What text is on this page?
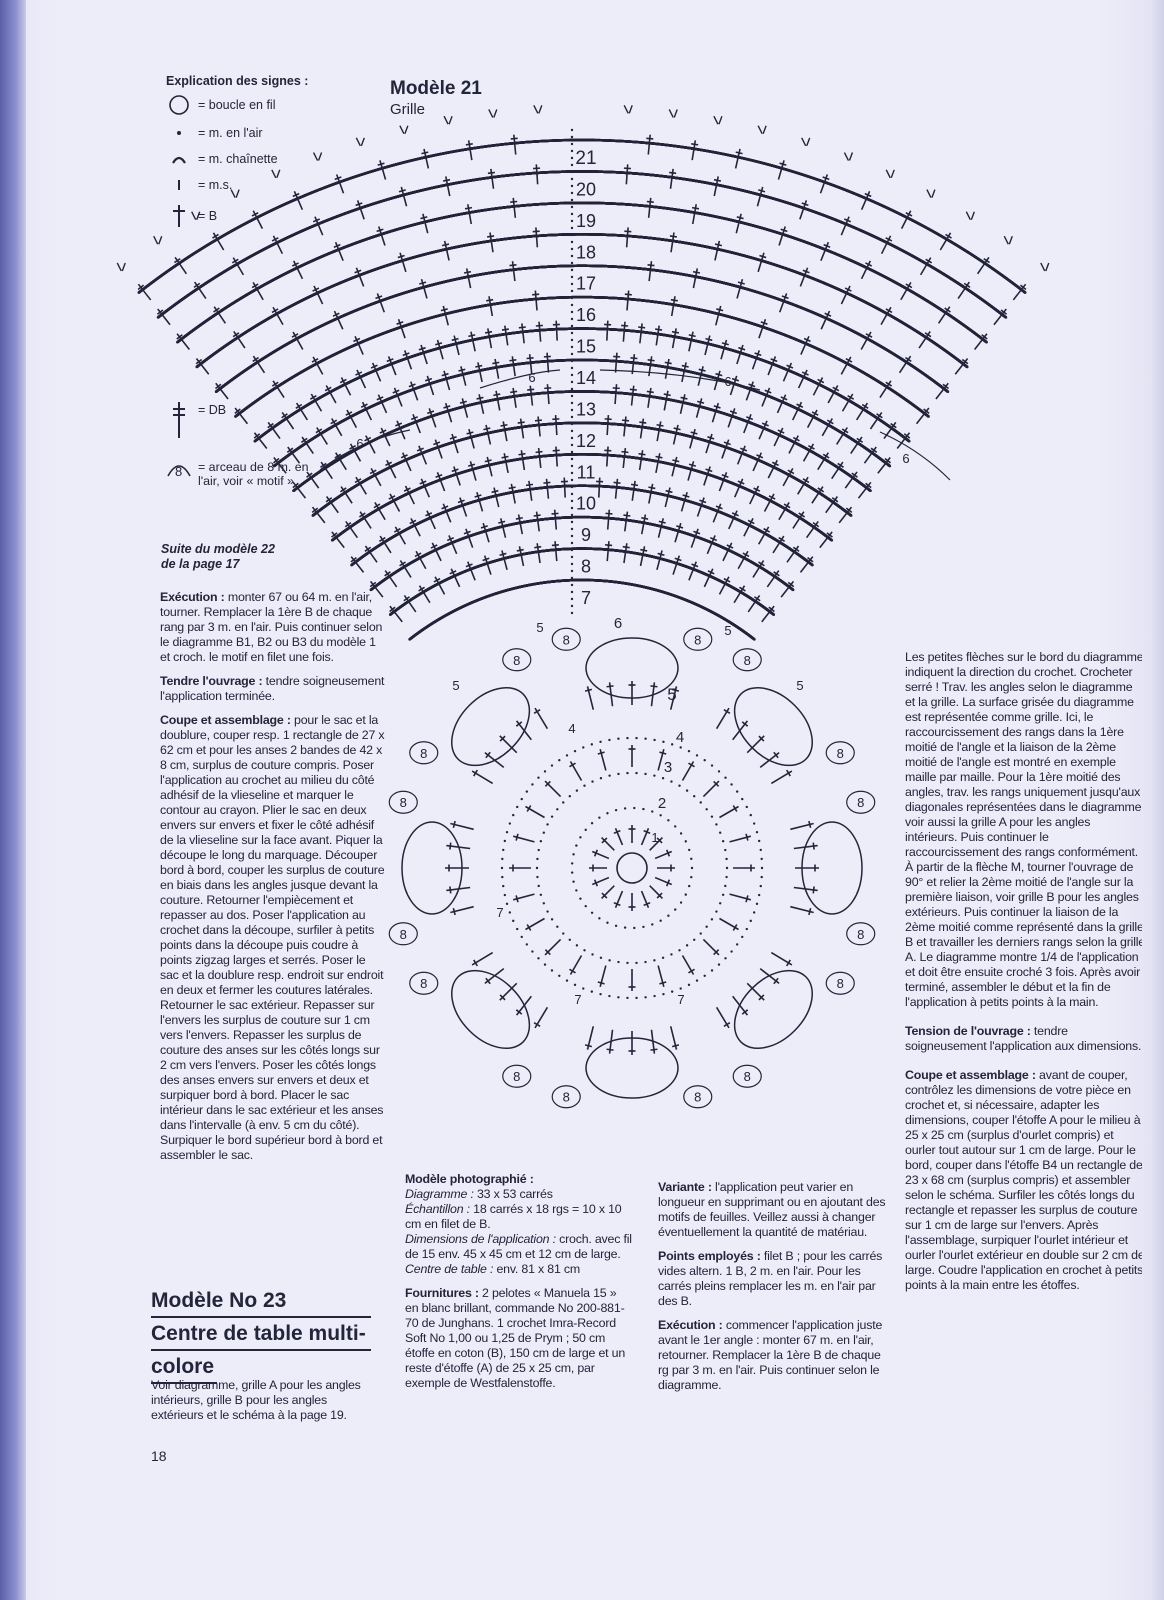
Explication des signes :
= boucle en fil
= m. en l'air
= m. chaînette
= m.s.
= B
= DB
8 = arceau de 8 m. en l'air, voir « motif »
Modèle 21
Grille
21
20
19
18
17
16
15
14
13
12
11
10
9
8
7
6	6
6
6
8	8
8
8
8
8
8
8
8
8
8
8
8
8
8
8
1
2
3
4
5
6
5	5
5	5
4
7
7	7
Suite du modèle 22
de la page 17

Exécution : monter 67 ou 64 m. en l'air, tourner. Remplacer la 1ère B de chaque rang par 3 m. en l'air. Puis continuer selon le diagramme B1, B2 ou B3 du modèle 1 et croch. le motif en filet une fois.

Tendre l'ouvrage : tendre soigneusement l'application terminée.

Coupe et assemblage : pour le sac et la doublure, couper resp. 1 rectangle de 27 x 62 cm et pour les anses 2 bandes de 42 x 8 cm, surplus de couture compris. Poser l'application au crochet au milieu du côté adhésif de la vlieseline et marquer le contour au crayon. Plier le sac en deux envers sur envers et fixer le côté adhésif de la vlieseline sur la face avant. Piquer la découpe le long du marquage. Découper bord à bord, couper les surplus de couture en biais dans les angles jusque devant la couture. Retourner l'empiècement et repasser au dos. Poser l'application au crochet dans la découpe, surfiler à petits points dans la découpe puis coudre à points zigzag larges et serrés. Poser le sac et la doublure resp. endroit sur endroit en deux et fermer les coutures latérales. Retourner le sac extérieur. Repasser sur l'envers les surplus de couture sur 1 cm vers l'envers. Repasser les surplus de couture des anses sur les côtés longs sur 2 cm vers l'envers. Poser les côtés longs des anses envers sur envers et deux et surpiquer bord à bord. Placer le sac intérieur dans le sac extérieur et les anses dans l'intervalle (à env. 5 cm du côté). Surpiquer le bord supérieur bord à bord et assembler le sac.

Modèle No 23
Centre de table multi-
colore

Voir diagramme, grille A pour les angles intérieurs, grille B pour les angles extérieurs et le schéma à la page 19.

18
Modèle photographié :
Diagramme : 33 x 53 carrés
Échantillon : 18 carrés x 18 rgs = 10 x 10 cm en filet de B.
Dimensions de l'application : croch. avec fil de 15 env. 45 x 45 cm et 12 cm de large.

Centre de table : env. 81 x 81 cm

Fournitures : 2 pelotes « Manuela 15 » en blanc brillant, commande No 200-881-70 de Junghans. 1 crochet Imra-Record Soft No 1,00 ou 1,25 de Prym ; 50 cm étoffe en coton (B), 150 cm de large et un reste d'étoffe (A) de 25 x 25 cm, par exemple de Westfalenstoffe.

Variante : l'application peut varier en longueur en supprimant ou en ajoutant des motifs de feuilles. Veillez aussi à changer éventuellement la quantité de matériau.

Points employés : filet B ; pour les carrés vides altern. 1 B, 2 m. en l'air. Pour les carrés pleins remplacer les m. en l'air par des B.

Exécution : commencer l'application juste avant le 1er angle : monter 67 m. en l'air, retourner. Remplacer la 1ère B de chaque rg par 3 m. en l'air. Puis continuer selon le diagramme.

Les petites flèches sur le bord du diagramme indiquent la direction du crochet. Crocheter serré ! Trav. les angles selon le diagramme et la grille. La surface grisée du diagramme est représentée comme grille. Ici, le raccourcissement des rangs dans la 1ère moitié de l'angle et la liaison de la 2ème moitié de l'angle est montré en exemple maille par maille. Pour la 1ère moitié des angles, trav. les rangs uniquement jusqu'aux diagonales représentées dans le diagramme, voir aussi la grille A pour les angles intérieurs. Puis continuer le raccourcissement des rangs conformément. À partir de la flèche M, tourner l'ouvrage de 90° et relier la 2ème moitié de l'angle sur la première liaison, voir grille B pour les angles extérieurs. Puis continuer la liaison de la 2ème moitié comme représenté dans la grille B et travailler les derniers rangs selon la grille A. Le diagramme montre 1/4 de l'application et doit être ensuite croché 3 fois. Après avoir terminé, assembler le début et la fin de l'application à petits points à la main.

Tension de l'ouvrage : tendre soigneusement l'application aux dimensions.

Coupe et assemblage : avant de couper, contrôlez les dimensions de votre pièce en crochet et, si nécessaire, adapter les dimensions, couper l'étoffe A pour le milieu à 25 x 25 cm (surplus d'ourlet compris) et ourler tout autour sur 1 cm de large. Pour le bord, couper dans l'étoffe B4 un rectangle de 23 x 68 cm (surplus compris) et assembler selon le schéma. Surfiler les côtés longs du rectangle et repasser les surplus de couture sur 1 cm de large sur l'envers. Après l'assemblage, surpiquer l'ourlet intérieur et ourler l'ourlet extérieur en double sur 2 cm de large. Coudre l'application en crochet à petits points à la main entre les étoffes.
